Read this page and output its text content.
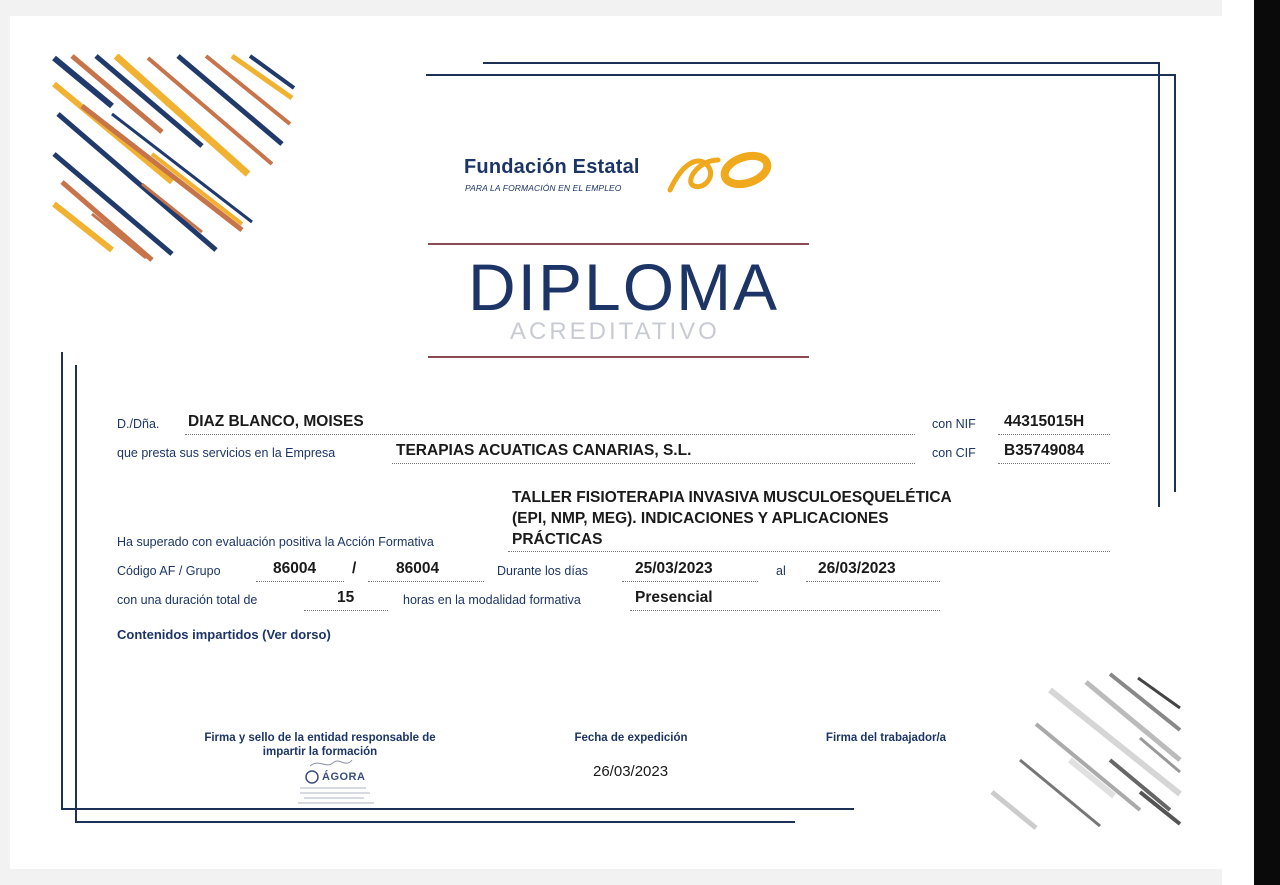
Fundación Estatal
PARA LA FORMACIÓN EN EL EMPLEO
DIPLOMA
ACREDITATIVO
D./Dña. DIAZ BLANCO, MOISES	con NIF 44315015H
que presta sus servicios en la Empresa	TERAPIAS ACUATICAS CANARIAS, S.L.	con CIF B35749084
TALLER FISIOTERAPIA INVASIVA MUSCULOESQUELÉTICA
(EPI, NMP, MEG). INDICACIONES Y APLICACIONES
PRÁCTICAS
Ha superado con evaluación positiva la Acción Formativa
Código AF / Grupo	86004 /	86004	Durante los días	25/03/2023	al 26/03/2023
con una duración total de	15	horas en la modalidad formativa	Presencial
Contenidos impartidos (Ver dorso)
Firma y sello de la entidad responsable de
impartir la formación
ÁGORA
Fecha de expedición
26/03/2023
Firma del trabajador/a
